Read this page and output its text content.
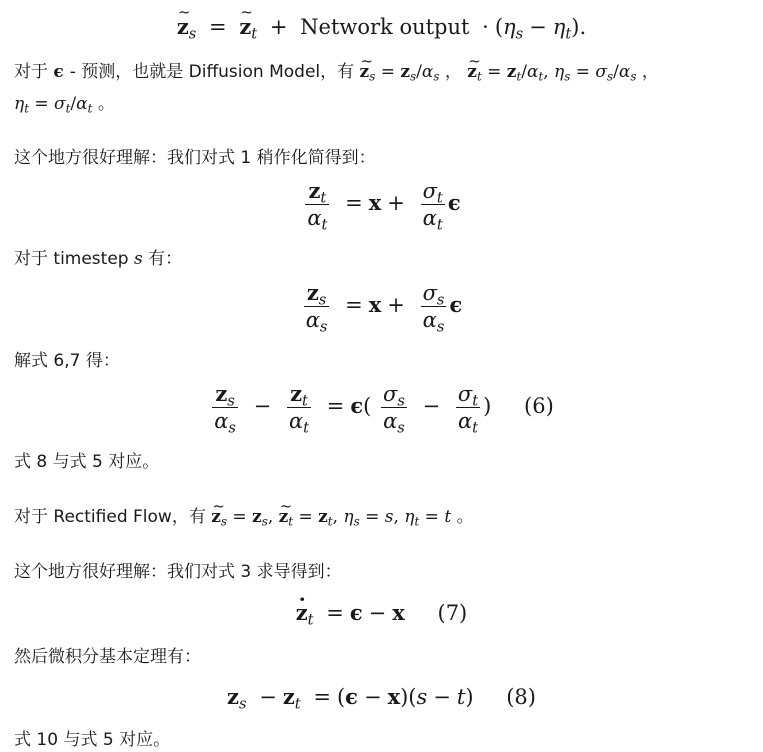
~ $z_s$ = ~ $z_t$ + Network output · $(\eta_s - \eta_t)$.
对于 ϵ - 预测，也就是 Diffusion Model，有 ~ $z_s = z_s/\alpha_s$ ， ~ $z_t = z_t/\alpha_t$, $\eta_s = \sigma_s/\alpha_s$ ，
$\eta_t = \sigma_t/\alpha_t$ 。
这个地方很好理解：我们对式 1 稍作化简得到：
$\frac{z_t}{\alpha_t} = x + \frac{\sigma_t}{\alpha_t}$ ϵ
对于 timestep s 有：
$\frac{z_s}{\alpha_s} = x + \frac{\sigma_s}{\alpha_s}$ ϵ
解式 6,7 得：
$\frac{z_s}{\alpha_s} - \frac{z_t}{\alpha_t} = \epsilon( \frac{\sigma_s}{\alpha_s} - \frac{\sigma_t}{\alpha_t}$ ) (6)
式 8 与式 5 对应。
对于 Rectified Flow，有 ~ $z_s = z_s$, ~ $z_t = z_t$, $\eta_s = s$, $\eta_t = t$ 。
这个地方很好理解：我们对式 3 求导得到：
· $z_t = \epsilon - x$ (7)
然后微积分基本定理有：
$z_s - z_t = (\epsilon - x)(s - t)$ (8)
式 10 与式 5 对应。
